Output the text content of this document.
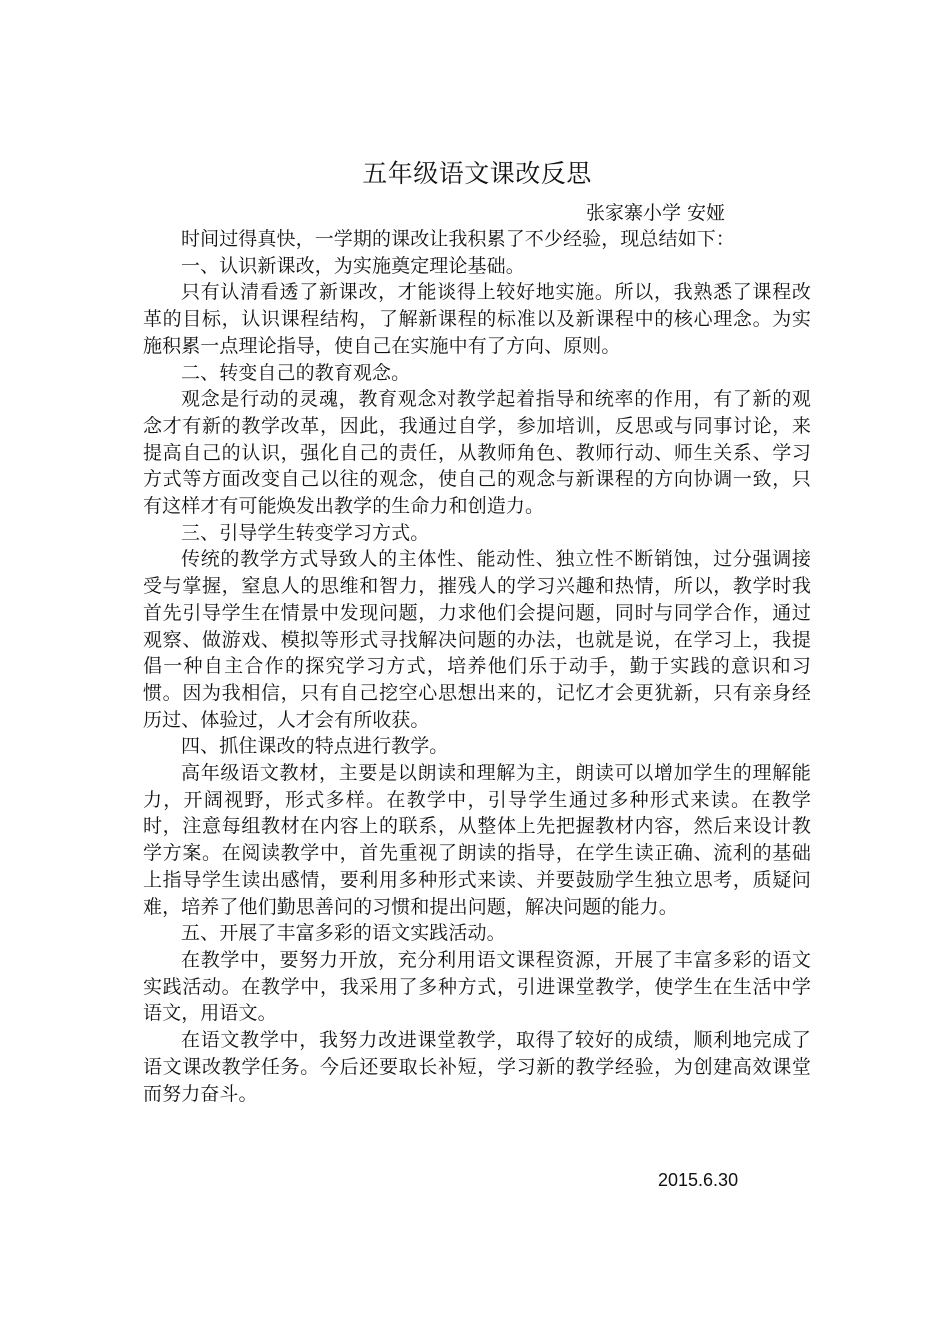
五年级语文课改反思
张家寨小学 安娅

时间过得真快，一学期的课改让我积累了不少经验，现总结如下：

一、认识新课改，为实施奠定理论基础。

只有认清看透了新课改，才能谈得上较好地实施。所以，我熟悉了课程改革的目标，认识课程结构，了解新课程的标准以及新课程中的核心理念。为实施积累一点理论指导，使自己在实施中有了方向、原则。

二、转变自己的教育观念。

观念是行动的灵魂，教育观念对教学起着指导和统率的作用，有了新的观念才有新的教学改革，因此，我通过自学，参加培训，反思或与同事讨论，来提高自己的认识，强化自己的责任，从教师角色、教师行动、师生关系、学习方式等方面改变自己以往的观念，使自己的观念与新课程的方向协调一致，只有这样才有可能焕发出教学的生命力和创造力。

三、引导学生转变学习方式。

传统的教学方式导致人的主体性、能动性、独立性不断销蚀，过分强调接受与掌握，窒息人的思维和智力，摧残人的学习兴趣和热情，所以，教学时我首先引导学生在情景中发现问题，力求他们会提问题，同时与同学合作，通过观察、做游戏、模拟等形式寻找解决问题的办法，也就是说，在学习上，我提倡一种自主合作的探究学习方式，培养他们乐于动手，勤于实践的意识和习惯。因为我相信，只有自己挖空心思想出来的，记忆才会更犹新，只有亲身经历过、体验过，人才会有所收获。

四、抓住课改的特点进行教学。

高年级语文教材，主要是以朗读和理解为主，朗读可以增加学生的理解能力，开阔视野，形式多样。在教学中，引导学生通过多种形式来读。在教学时，注意每组教材在内容上的联系，从整体上先把握教材内容，然后来设计教学方案。在阅读教学中，首先重视了朗读的指导，在学生读正确、流利的基础上指导学生读出感情，要利用多种形式来读、并要鼓励学生独立思考，质疑问难，培养了他们勤思善问的习惯和提出问题，解决问题的能力。

五、开展了丰富多彩的语文实践活动。

在教学中，要努力开放，充分利用语文课程资源，开展了丰富多彩的语文实践活动。在教学中，我采用了多种方式，引进课堂教学，使学生在生活中学语文，用语文。

在语文教学中，我努力改进课堂教学，取得了较好的成绩，顺利地完成了语文课改教学任务。今后还要取长补短，学习新的教学经验，为创建高效课堂而努力奋斗。

2015.6.30
